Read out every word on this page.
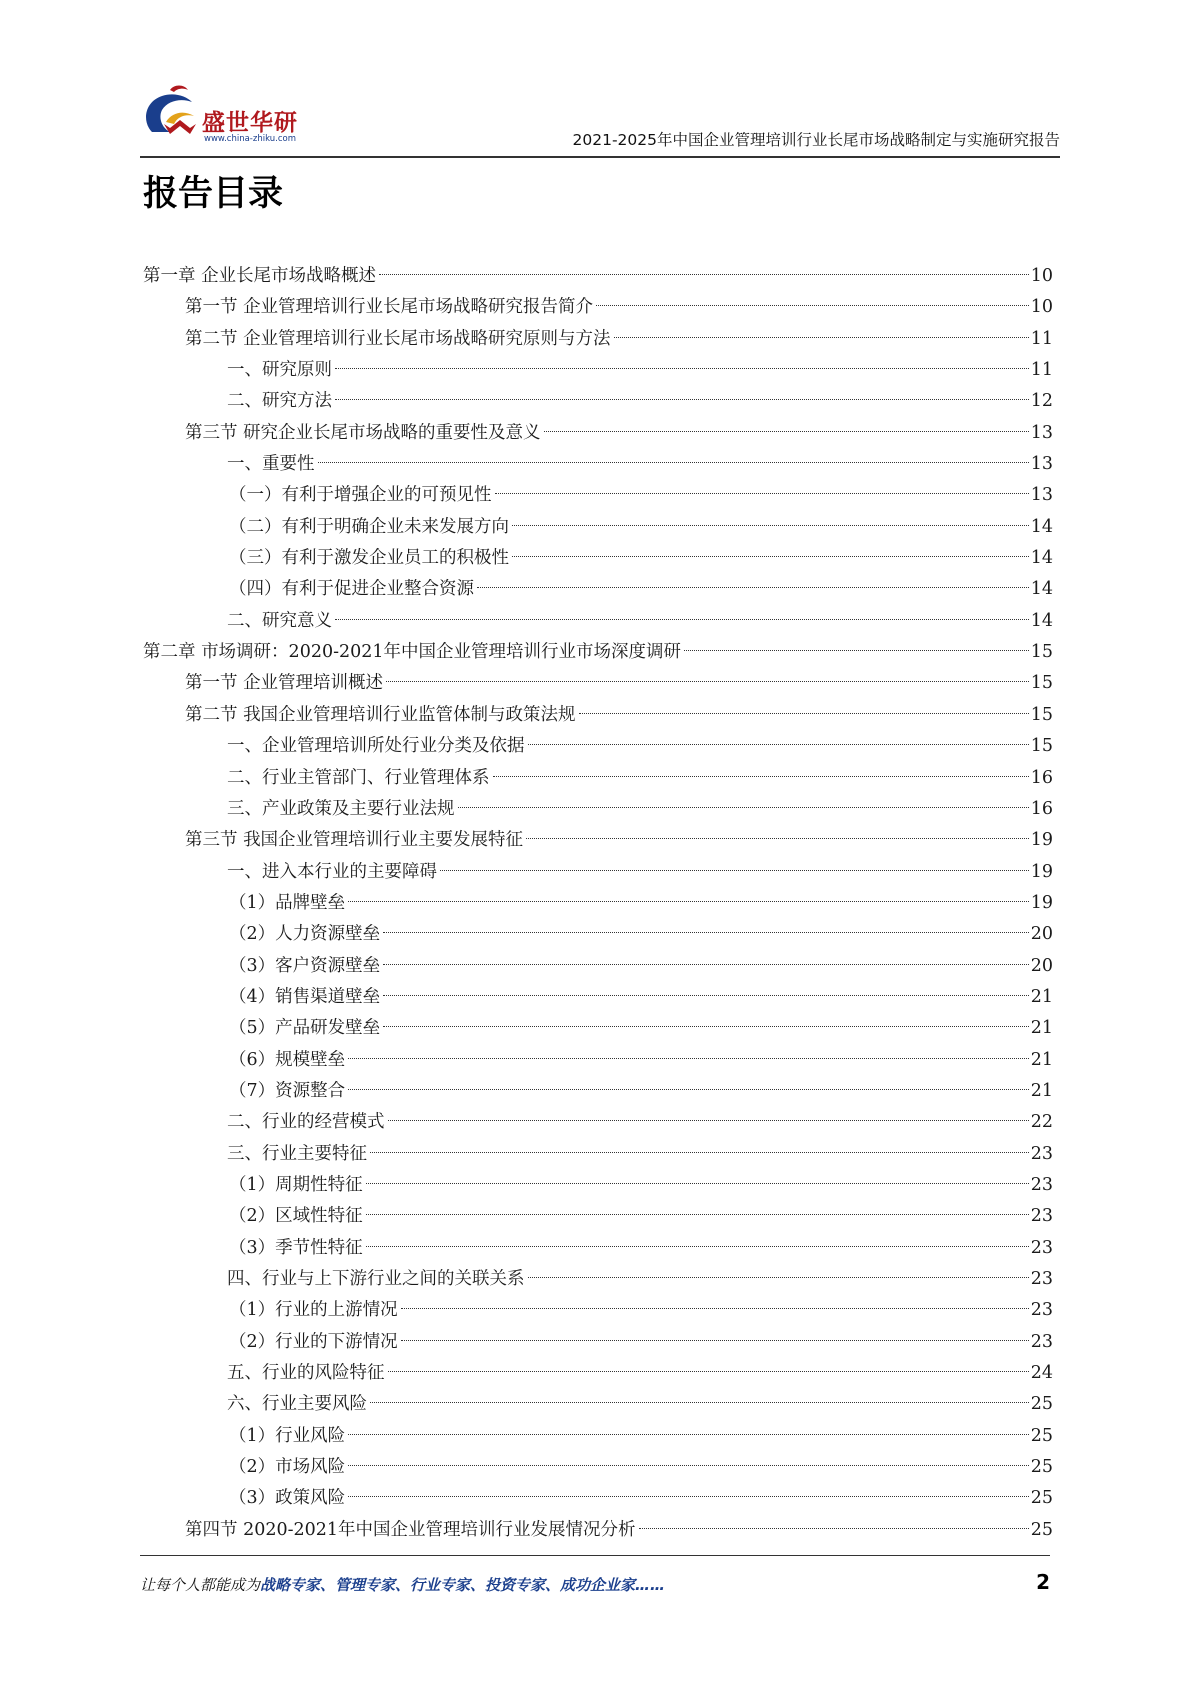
盛世华研
www.china-zhiku.com	2021-2025年中国企业管理培训行业长尾市场战略制定与实施研究报告
报告目录
第一章 企业长尾市场战略概述	10
第一节 企业管理培训行业长尾市场战略研究报告简介	10
第二节 企业管理培训行业长尾市场战略研究原则与方法	11
一、研究原则	11
二、研究方法	12
第三节 研究企业长尾市场战略的重要性及意义	13
一、重要性	13
（一）有利于增强企业的可预见性	13
（二）有利于明确企业未来发展方向	14
（三）有利于激发企业员工的积极性	14
（四）有利于促进企业整合资源	14
二、研究意义	14
第二章 市场调研：2020-2021年中国企业管理培训行业市场深度调研	15
第一节 企业管理培训概述	15
第二节 我国企业管理培训行业监管体制与政策法规	15
一、企业管理培训所处行业分类及依据	15
二、行业主管部门、行业管理体系	16
三、产业政策及主要行业法规	16
第三节 我国企业管理培训行业主要发展特征	19
一、进入本行业的主要障碍	19
（1）品牌壁垒	19
（2）人力资源壁垒	20
（3）客户资源壁垒	20
（4）销售渠道壁垒	21
（5）产品研发壁垒	21
（6）规模壁垒	21
（7）资源整合	21
二、行业的经营模式	22
三、行业主要特征	23
（1）周期性特征	23
（2）区域性特征	23
（3）季节性特征	23
四、行业与上下游行业之间的关联关系	23
（1）行业的上游情况	23
（2）行业的下游情况	23
五、行业的风险特征	24
六、行业主要风险	25
（1）行业风险	25
（2）市场风险	25
（3）政策风险	25
第四节 2020-2021年中国企业管理培训行业发展情况分析	25
让每个人都能成为战略专家、管理专家、行业专家、投资专家、成功企业家……	2
